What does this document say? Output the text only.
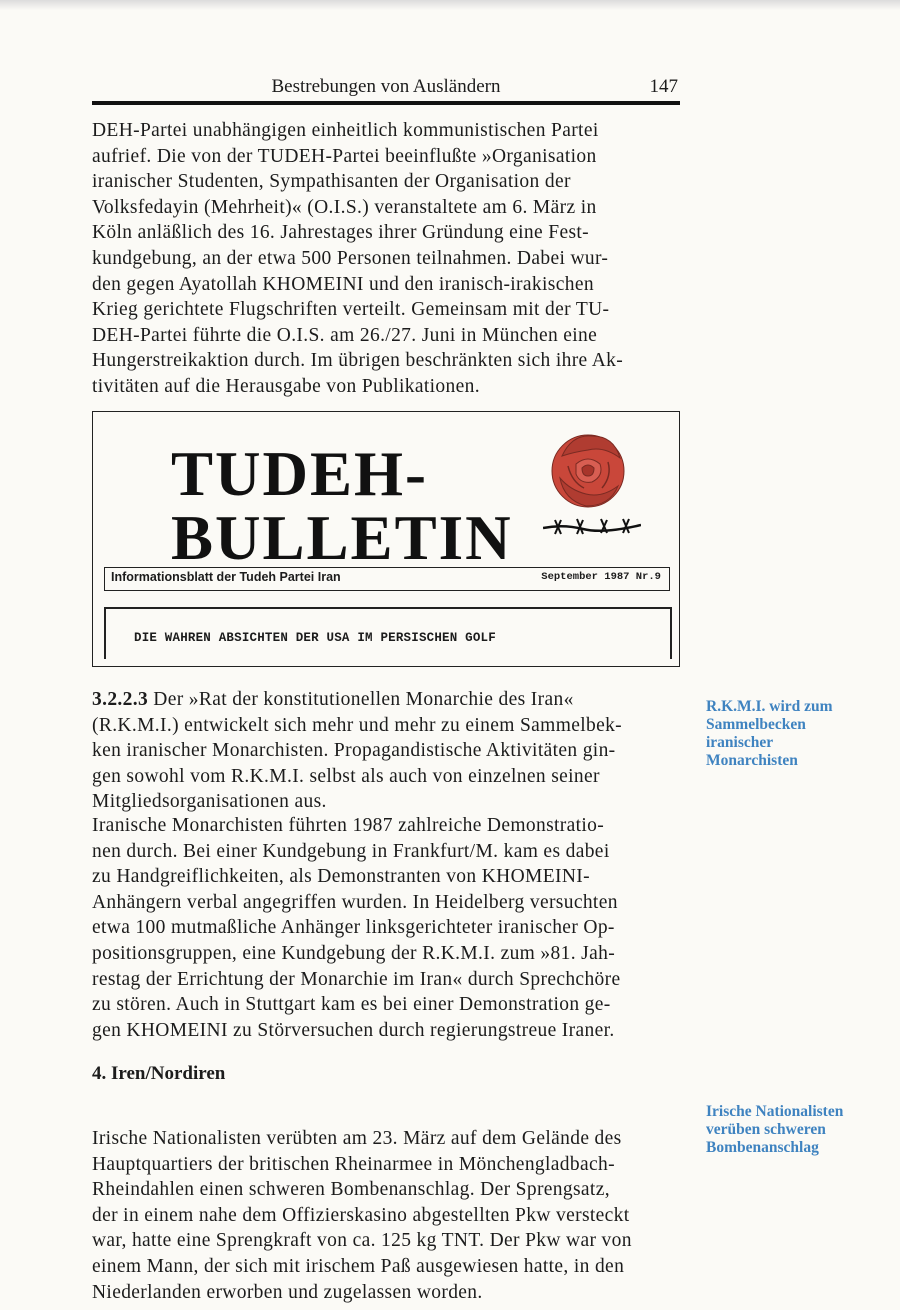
Bestrebungen von Ausländern	147
DEH-Partei unabhängigen einheitlich kommunistischen Partei
aufrief. Die von der TUDEH-Partei beeinflußte »Organisation
iranischer Studenten, Sympathisanten der Organisation der
Volksfedayin (Mehrheit)« (O.I.S.) veranstaltete am 6. März in
Köln anläßlich des 16. Jahrestages ihrer Gründung eine Fest-
kundgebung, an der etwa 500 Personen teilnahmen. Dabei wur-
den gegen Ayatollah KHOMEINI und den iranisch-irakischen
Krieg gerichtete Flugschriften verteilt. Gemeinsam mit der TU-
DEH-Partei führte die O.I.S. am 26./27. Juni in München eine
Hungerstreikaktion durch. Im übrigen beschränkten sich ihre Ak-
tivitäten auf die Herausgabe von Publikationen.
TUDEH-
BULLETIN
Informationsblatt der Tudeh Partei Iran	September 1987 Nr.9
DIE WAHREN ABSICHTEN DER USA IM PERSISCHEN GOLF
3.2.2.3 Der »Rat der konstitutionellen Monarchie des Iran«
(R.K.M.I.) entwickelt sich mehr und mehr zu einem Sammelbek-
ken iranischer Monarchisten. Propagandistische Aktivitäten gin-
gen sowohl vom R.K.M.I. selbst als auch von einzelnen seiner
Mitgliedsorganisationen aus.
Iranische Monarchisten führten 1987 zahlreiche Demonstratio-
nen durch. Bei einer Kundgebung in Frankfurt/M. kam es dabei
zu Handgreiflichkeiten, als Demonstranten von KHOMEINI-
Anhängern verbal angegriffen wurden. In Heidelberg versuchten
etwa 100 mutmaßliche Anhänger linksgerichteter iranischer Op-
positionsgruppen, eine Kundgebung der R.K.M.I. zum »81. Jah-
restag der Errichtung der Monarchie im Iran« durch Sprechchöre
zu stören. Auch in Stuttgart kam es bei einer Demonstration ge-
gen KHOMEINI zu Störversuchen durch regierungstreue Iraner.
4. Iren/Nordiren
Irische Nationalisten verübten am 23. März auf dem Gelände des
Hauptquartiers der britischen Rheinarmee in Mönchengladbach-
Rheindahlen einen schweren Bombenanschlag. Der Sprengsatz,
der in einem nahe dem Offizierskasino abgestellten Pkw versteckt
war, hatte eine Sprengkraft von ca. 125 kg TNT. Der Pkw war von
einem Mann, der sich mit irischem Paß ausgewiesen hatte, in den
Niederlanden erworben und zugelassen worden.
R.K.M.I. wird zum
Sammelbecken
iranischer
Monarchisten
Irische Nationalisten
verüben schweren
Bombenanschlag
